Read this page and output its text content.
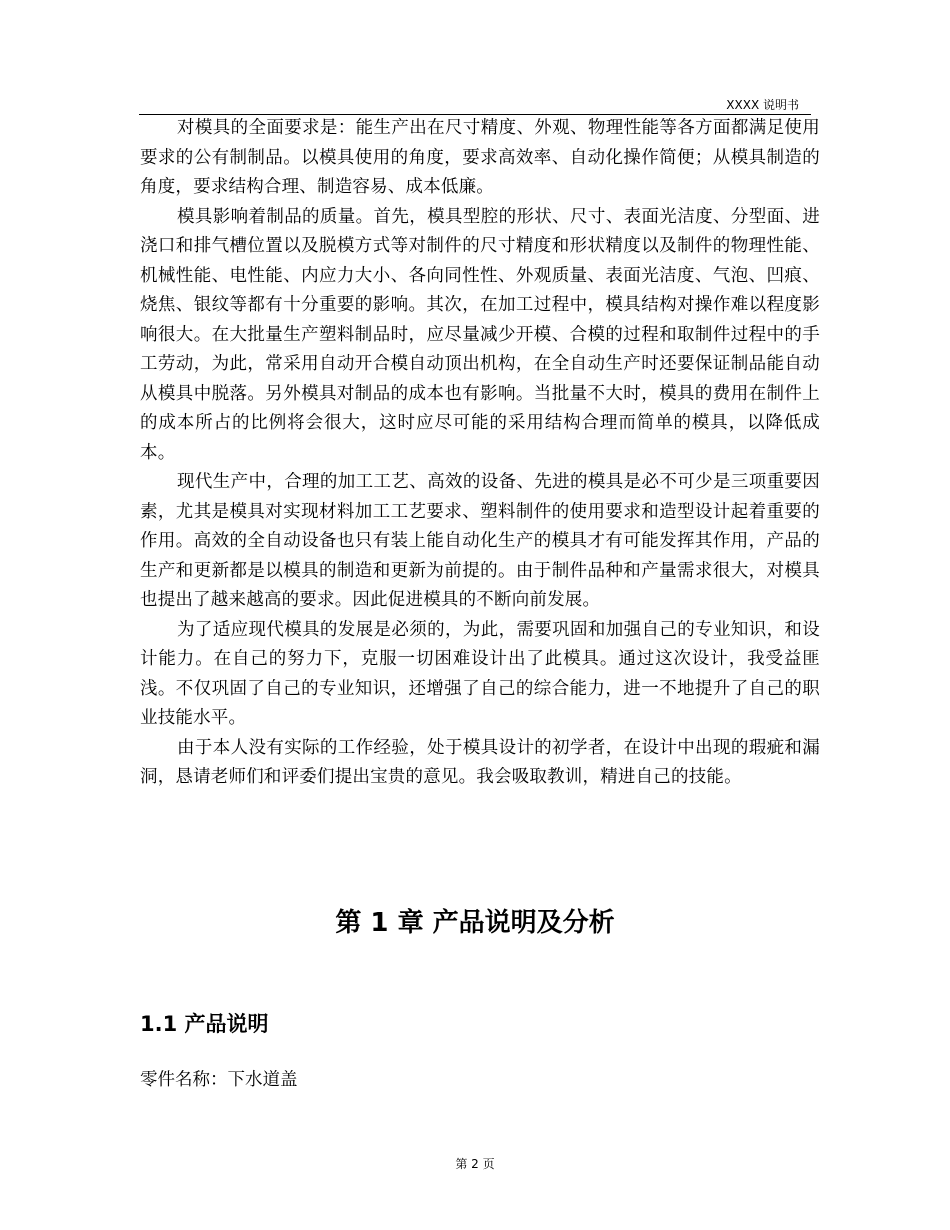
XXXX 说明书

对模具的全面要求是：能生产出在尺寸精度、外观、物理性能等各方面都满足使用要求的公有制制品。以模具使用的角度，要求高效率、自动化操作简便；从模具制造的角度，要求结构合理、制造容易、成本低廉。

模具影响着制品的质量。首先，模具型腔的形状、尺寸、表面光洁度、分型面、进浇口和排气槽位置以及脱模方式等对制件的尺寸精度和形状精度以及制件的物理性能、机械性能、电性能、内应力大小、各向同性性、外观质量、表面光洁度、气泡、凹痕、烧焦、银纹等都有十分重要的影响。其次，在加工过程中，模具结构对操作难以程度影响很大。在大批量生产塑料制品时，应尽量减少开模、合模的过程和取制件过程中的手工劳动，为此，常采用自动开合模自动顶出机构，在全自动生产时还要保证制品能自动从模具中脱落。另外模具对制品的成本也有影响。当批量不大时，模具的费用在制件上的成本所占的比例将会很大，这时应尽可能的采用结构合理而简单的模具，以降低成本。

现代生产中，合理的加工工艺、高效的设备、先进的模具是必不可少是三项重要因素，尤其是模具对实现材料加工工艺要求、塑料制件的使用要求和造型设计起着重要的作用。高效的全自动设备也只有装上能自动化生产的模具才有可能发挥其作用，产品的生产和更新都是以模具的制造和更新为前提的。由于制件品种和产量需求很大，对模具也提出了越来越高的要求。因此促进模具的不断向前发展。

为了适应现代模具的发展是必须的，为此，需要巩固和加强自己的专业知识，和设计能力。在自己的努力下，克服一切困难设计出了此模具。通过这次设计，我受益匪浅。不仅巩固了自己的专业知识，还增强了自己的综合能力，进一不地提升了自己的职业技能水平。

由于本人没有实际的工作经验，处于模具设计的初学者，在设计中出现的瑕疵和漏洞，恳请老师们和评委们提出宝贵的意见。我会吸取教训，精进自己的技能。

第 1 章 产品说明及分析
1.1 产品说明
零件名称：下水道盖
第 2 页
